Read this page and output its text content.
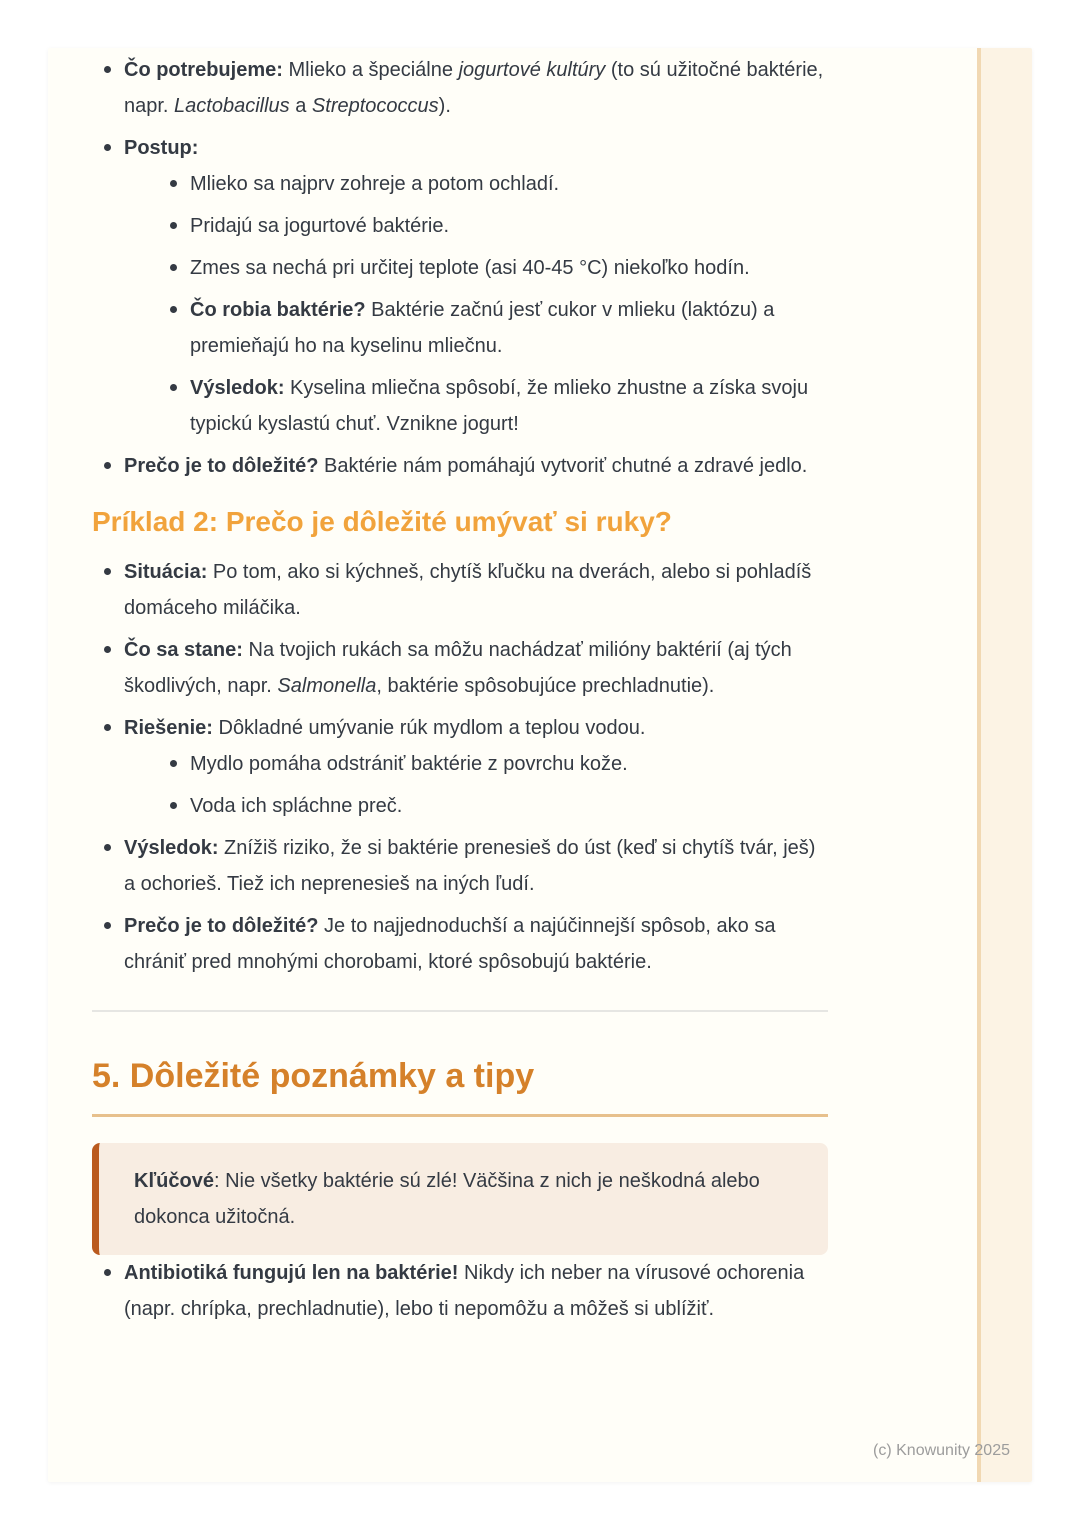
Čo potrebujeme: Mlieko a špeciálne jogurtové kultúry (to sú užitočné baktérie, napr. Lactobacillus a Streptococcus).
Postup:
Mlieko sa najprv zohreje a potom ochladí.
Pridajú sa jogurtové baktérie.
Zmes sa nechá pri určitej teplote (asi 40-45 °C) niekoľko hodín.
Čo robia baktérie? Baktérie začnú jesť cukor v mlieku (laktózu) a premieňajú ho na kyselinu mliečnu.
Výsledok: Kyselina mliečna spôsobí, že mlieko zhustne a získa svoju typickú kyslastú chuť. Vznikne jogurt!
Prečo je to dôležité? Baktérie nám pomáhajú vytvoriť chutné a zdravé jedlo.
Príklad 2: Prečo je dôležité umývať si ruky?
Situácia: Po tom, ako si kýchneš, chytíš kľučku na dverách, alebo si pohladíš domáceho miláčika.
Čo sa stane: Na tvojich rukách sa môžu nachádzať milióny baktérií (aj tých škodlivých, napr. Salmonella, baktérie spôsobujúce prechladnutie).
Riešenie: Dôkladné umývanie rúk mydlom a teplou vodou.
Mydlo pomáha odstrániť baktérie z povrchu kože.
Voda ich spláchne preč.
Výsledok: Znížiš riziko, že si baktérie prenesieš do úst (keď si chytíš tvár, ješ) a ochorieš. Tiež ich neprenesieš na iných ľudí.
Prečo je to dôležité? Je to najjednoduchší a najúčinnejší spôsob, ako sa chrániť pred mnohými chorobami, ktoré spôsobujú baktérie.
5. Dôležité poznámky a tipy
Kľúčové: Nie všetky baktérie sú zlé! Väčšina z nich je neškodná alebo dokonca užitočná.
Antibiotiká fungujú len na baktérie! Nikdy ich neber na vírusové ochorenia (napr. chrípka, prechladnutie), lebo ti nepomôžu a môžeš si ublížiť.
(c) Knowunity 2025
